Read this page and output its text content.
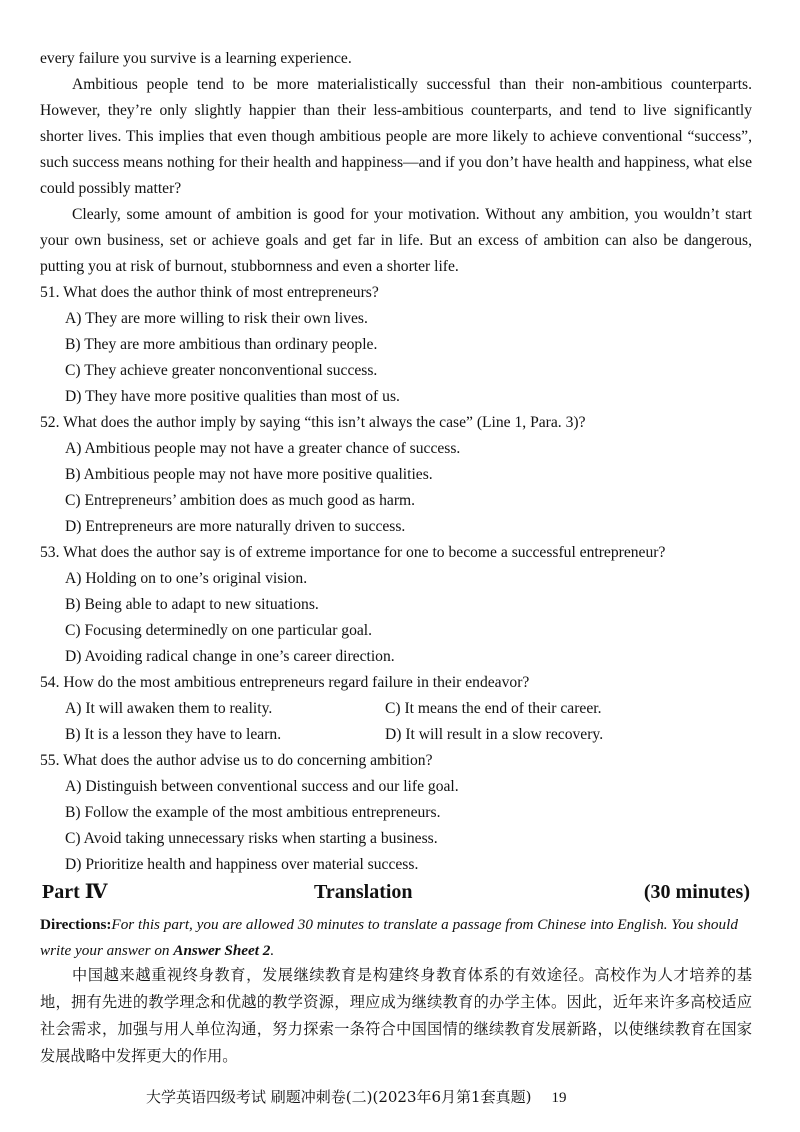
every failure you survive is a learning experience.

Ambitious people tend to be more materialistically successful than their non-ambitious counterparts. However, they’re only slightly happier than their less-ambitious counterparts, and tend to live significantly shorter lives. This implies that even though ambitious people are more likely to achieve conventional “success”, such success means nothing for their health and happiness—and if you don’t have health and happiness, what else could possibly matter?

Clearly, some amount of ambition is good for your motivation. Without any ambition, you wouldn’t start your own business, set or achieve goals and get far in life. But an excess of ambition can also be dangerous, putting you at risk of burnout, stubbornness and even a shorter life.

51. What does the author think of most entrepreneurs?

A) They are more willing to risk their own lives.

B) They are more ambitious than ordinary people.

C) They achieve greater nonconventional success.

D) They have more positive qualities than most of us.

52. What does the author imply by saying “this isn’t always the case” (Line 1, Para. 3)?

A) Ambitious people may not have a greater chance of success.

B) Ambitious people may not have more positive qualities.

C) Entrepreneurs’ ambition does as much good as harm.

D) Entrepreneurs are more naturally driven to success.

53. What does the author say is of extreme importance for one to become a successful entrepreneur?

A) Holding on to one’s original vision.

B) Being able to adapt to new situations.

C) Focusing determinedly on one particular goal.

D) Avoiding radical change in one’s career direction.

54. How do the most ambitious entrepreneurs regard failure in their endeavor?

A) It will awaken them to reality.	C) It means the end of their career.
B) It is a lesson they have to learn.	D) It will result in a slow recovery.

55. What does the author advise us to do concerning ambition?

A) Distinguish between conventional success and our life goal.

B) Follow the example of the most ambitious entrepreneurs.

C) Avoid taking unnecessary risks when starting a business.

D) Prioritize health and happiness over material success.

Part Ⅳ	Translation	(30 minutes)

Directions:For this part, you are allowed 30 minutes to translate a passage from Chinese into English. You should write your answer on Answer Sheet 2.

中国越来越重视终身教育，发展继续教育是构建终身教育体系的有效途径。高校作为人才培养的基地，拥有先进的教学理念和优越的教学资源，理应成为继续教育的办学主体。因此，近年来许多高校适应社会需求，加强与用人单位沟通，努力探索一条符合中国国情的继续教育发展新路，以使继续教育在国家发展战略中发挥更大的作用。

大学英语四级考试 刷题冲刺卷(二)(2023年6月第1套真题) 19
